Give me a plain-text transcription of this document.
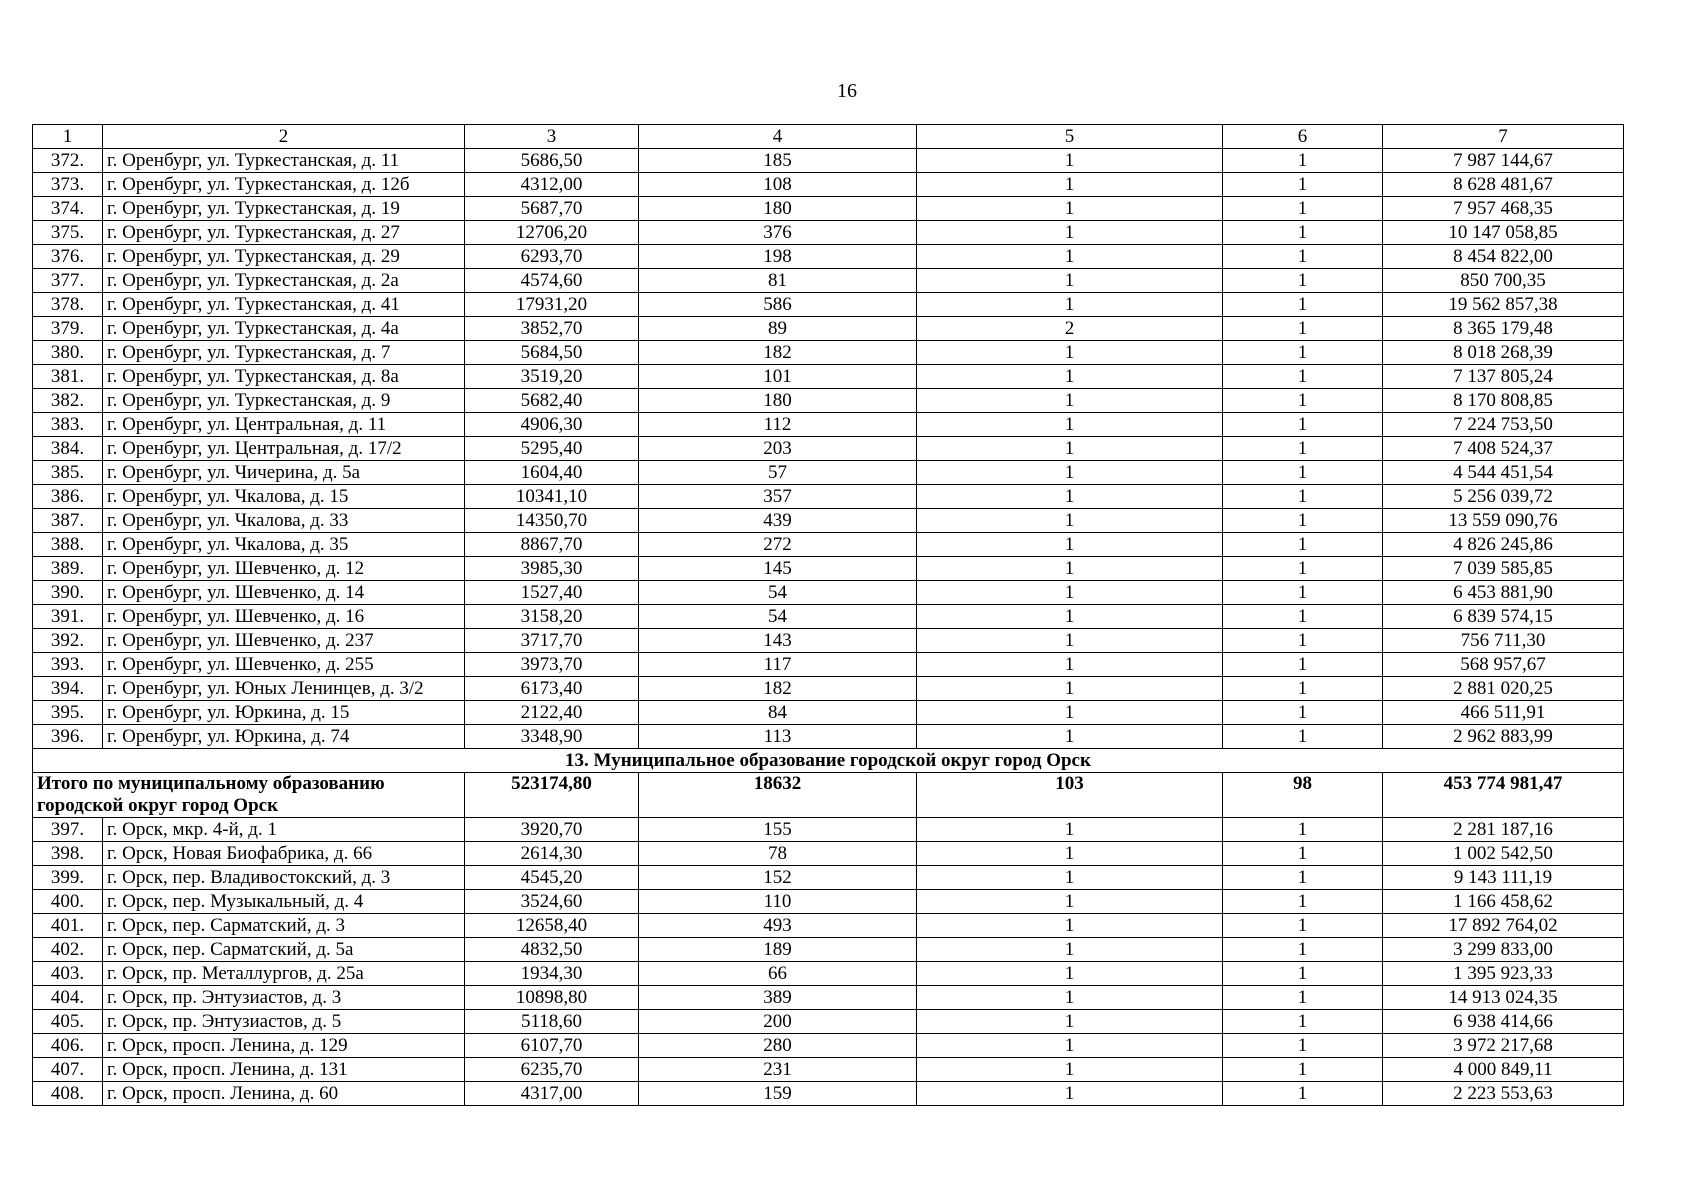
16
1	2	3	4	5	6	7
372.	г. Оренбург, ул. Туркестанская, д. 11	5686,50	185	1	1	7 987 144,67
373.	г. Оренбург, ул. Туркестанская, д. 12б	4312,00	108	1	1	8 628 481,67
374.	г. Оренбург, ул. Туркестанская, д. 19	5687,70	180	1	1	7 957 468,35
375.	г. Оренбург, ул. Туркестанская, д. 27	12706,20	376	1	1	10 147 058,85
376.	г. Оренбург, ул. Туркестанская, д. 29	6293,70	198	1	1	8 454 822,00
377.	г. Оренбург, ул. Туркестанская, д. 2а	4574,60	81	1	1	850 700,35
378.	г. Оренбург, ул. Туркестанская, д. 41	17931,20	586	1	1	19 562 857,38
379.	г. Оренбург, ул. Туркестанская, д. 4а	3852,70	89	2	1	8 365 179,48
380.	г. Оренбург, ул. Туркестанская, д. 7	5684,50	182	1	1	8 018 268,39
381.	г. Оренбург, ул. Туркестанская, д. 8а	3519,20	101	1	1	7 137 805,24
382.	г. Оренбург, ул. Туркестанская, д. 9	5682,40	180	1	1	8 170 808,85
383.	г. Оренбург, ул. Центральная, д. 11	4906,30	112	1	1	7 224 753,50
384.	г. Оренбург, ул. Центральная, д. 17/2	5295,40	203	1	1	7 408 524,37
385.	г. Оренбург, ул. Чичерина, д. 5а	1604,40	57	1	1	4 544 451,54
386.	г. Оренбург, ул. Чкалова, д. 15	10341,10	357	1	1	5 256 039,72
387.	г. Оренбург, ул. Чкалова, д. 33	14350,70	439	1	1	13 559 090,76
388.	г. Оренбург, ул. Чкалова, д. 35	8867,70	272	1	1	4 826 245,86
389.	г. Оренбург, ул. Шевченко, д. 12	3985,30	145	1	1	7 039 585,85
390.	г. Оренбург, ул. Шевченко, д. 14	1527,40	54	1	1	6 453 881,90
391.	г. Оренбург, ул. Шевченко, д. 16	3158,20	54	1	1	6 839 574,15
392.	г. Оренбург, ул. Шевченко, д. 237	3717,70	143	1	1	756 711,30
393.	г. Оренбург, ул. Шевченко, д. 255	3973,70	117	1	1	568 957,67
394.	г. Оренбург, ул. Юных Ленинцев, д. 3/2	6173,40	182	1	1	2 881 020,25
395.	г. Оренбург, ул. Юркина, д. 15	2122,40	84	1	1	466 511,91
396.	г. Оренбург, ул. Юркина, д. 74	3348,90	113	1	1	2 962 883,99
13. Муниципальное образование городской округ город Орск						
Итого по муниципальному образованию городской округ город Орск		523174,80	18632	103	98	453 774 981,47
397.	г. Орск, мкр. 4-й, д. 1	3920,70	155	1	1	2 281 187,16
398.	г. Орск, Новая Биофабрика, д. 66	2614,30	78	1	1	1 002 542,50
399.	г. Орск, пер. Владивостокский, д. 3	4545,20	152	1	1	9 143 111,19
400.	г. Орск, пер. Музыкальный, д. 4	3524,60	110	1	1	1 166 458,62
401.	г. Орск, пер. Сарматский, д. 3	12658,40	493	1	1	17 892 764,02
402.	г. Орск, пер. Сарматский, д. 5а	4832,50	189	1	1	3 299 833,00
403.	г. Орск, пр. Металлургов, д. 25а	1934,30	66	1	1	1 395 923,33
404.	г. Орск, пр. Энтузиастов, д. 3	10898,80	389	1	1	14 913 024,35
405.	г. Орск, пр. Энтузиастов, д. 5	5118,60	200	1	1	6 938 414,66
406.	г. Орск, просп. Ленина, д. 129	6107,70	280	1	1	3 972 217,68
407.	г. Орск, просп. Ленина, д. 131	6235,70	231	1	1	4 000 849,11
408.	г. Орск, просп. Ленина, д. 60	4317,00	159	1	1	2 223 553,63
